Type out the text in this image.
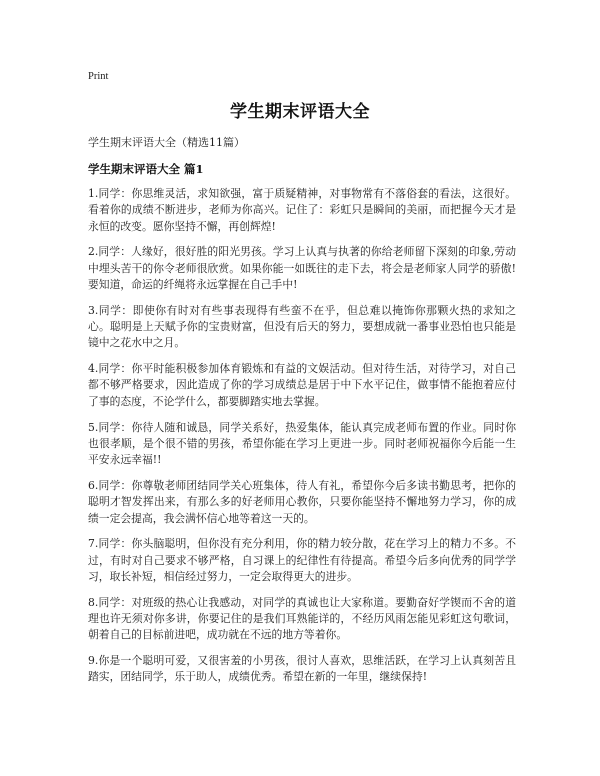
Print
学生期末评语大全
学生期末评语大全（精选11篇）
学生期末评语大全 篇1

1.同学：你思维灵活，求知欲强，富于质疑精神，对事物常有不落俗套的看法，这很好。看着你的成绩不断进步，老师为你高兴。记住了：彩虹只是瞬间的美丽，而把握今天才是永恒的改变。愿你坚持不懈，再创辉煌!

2.同学：人缘好，很好胜的阳光男孩。学习上认真与执著的你给老师留下深刻的印象,劳动中埋头苦干的你令老师很欣赏。如果你能一如既往的走下去，将会是老师家人同学的骄傲!要知道，命运的纤绳将永远掌握在自己手中!

3.同学：即使你有时对有些事表现得有些蛮不在乎，但总难以掩饰你那颗火热的求知之心。聪明是上天赋予你的宝贵财富，但没有后天的努力，要想成就一番事业恐怕也只能是镜中之花水中之月。

4.同学：你平时能积极参加体育锻炼和有益的文娱活动。但对待生活，对待学习，对自己都不够严格要求，因此造成了你的学习成绩总是居于中下水平记住，做事情不能抱着应付了事的态度，不论学什么，都要脚踏实地去掌握。

5.同学：你待人随和诚恳，同学关系好，热爱集体，能认真完成老师布置的作业。同时你也很孝顺，是个很不错的男孩，希望你能在学习上更进一步。同时老师祝福你今后能一生平安永远幸福!!

6.同学：你尊敬老师团结同学关心班集体，待人有礼，希望你今后多读书勤思考，把你的聪明才智发挥出来，有那么多的好老师用心教你，只要你能坚持不懈地努力学习，你的成绩一定会提高，我会满怀信心地等着这一天的。

7.同学：你头脑聪明，但你没有充分利用，你的精力较分散，花在学习上的精力不多。不过，有时对自己要求不够严格，自习课上的纪律性有待提高。希望今后多向优秀的同学学习，取长补短，相信经过努力，一定会取得更大的进步。

8.同学：对班级的热心让我感动，对同学的真诚也让大家称道。要勤奋好学锲而不舍的道理也许无须对你多讲，你要记住的是我们耳熟能详的，不经历风雨怎能见彩虹这句歌词，朝着自己的目标前进吧，成功就在不远的地方等着你。

9.你是一个聪明可爱，又很害羞的小男孩，很讨人喜欢，思维活跃，在学习上认真刻苦且踏实，团结同学，乐于助人，成绩优秀。希望在新的一年里，继续保持!
